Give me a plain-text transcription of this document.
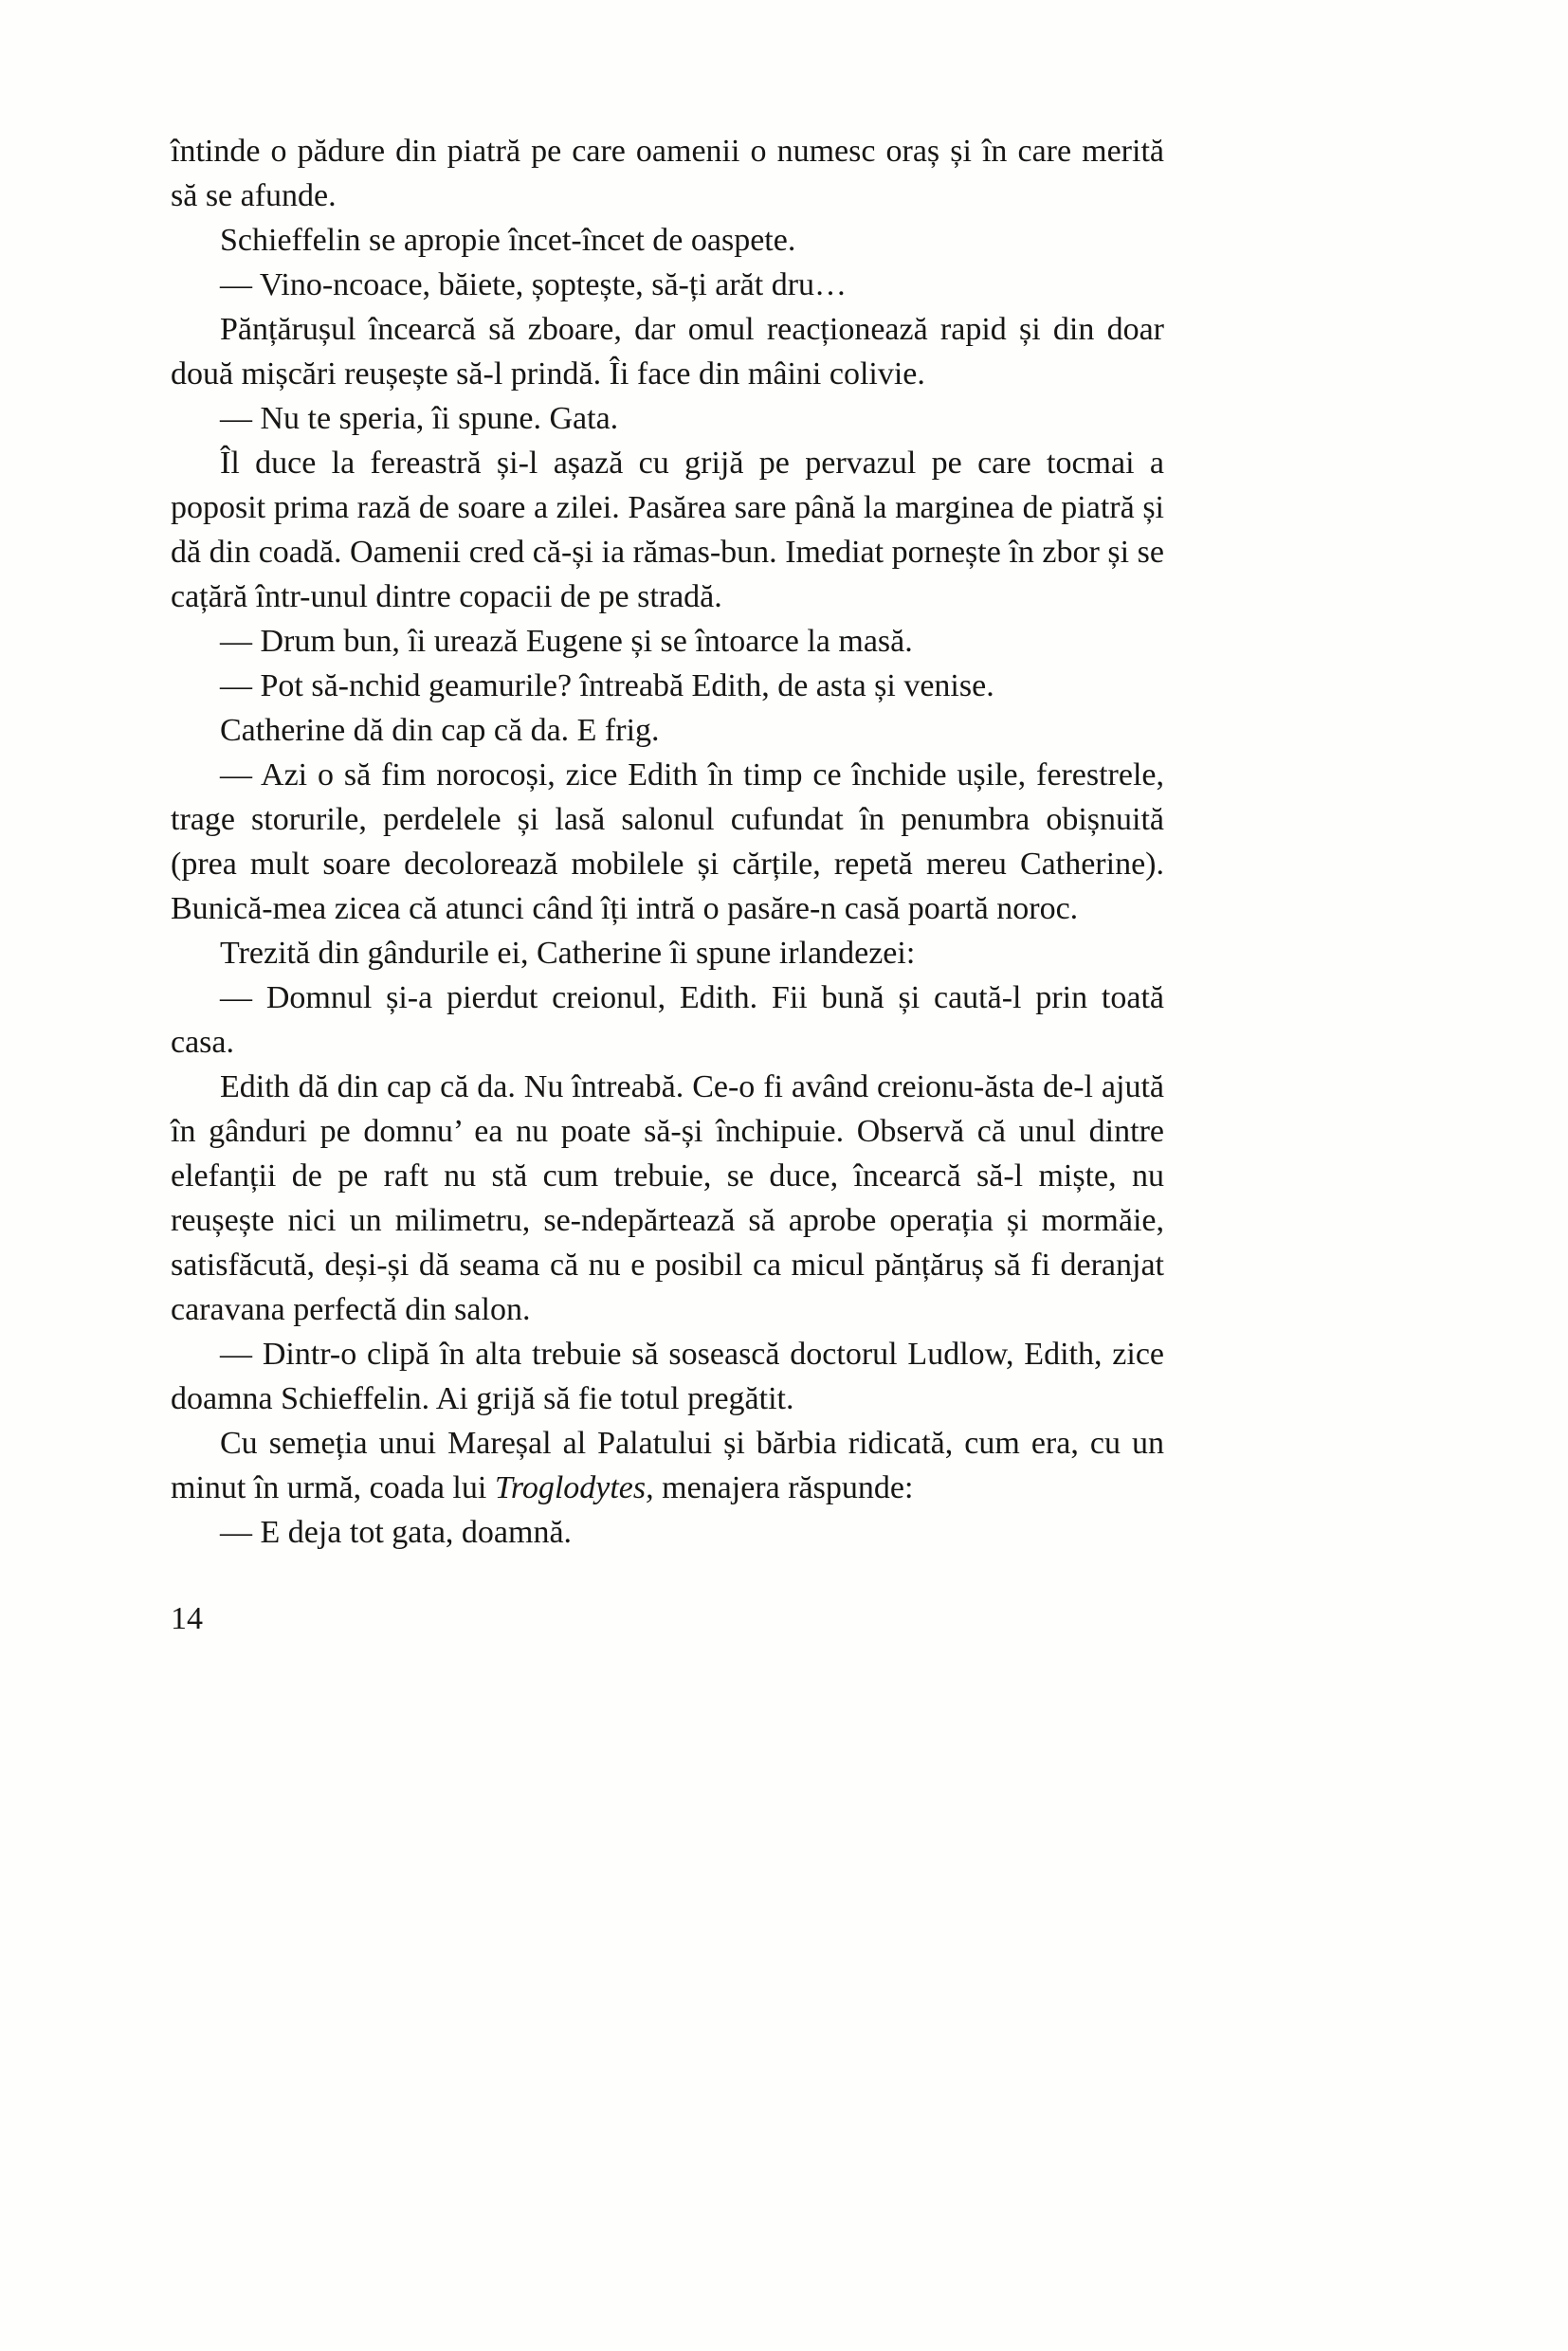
întinde o pădure din piatră pe care oamenii o numesc oraș și în care merită să se afunde.

Schieffelin se apropie încet-încet de oaspete.

— Vino-ncoace, băiete, șoptește, să-ți arăt dru…

Pănțărușul încearcă să zboare, dar omul reacționează rapid și din doar două mișcări reușește să-l prindă. Îi face din mâini colivie.

— Nu te speria, îi spune. Gata.

Îl duce la fereastră și-l așază cu grijă pe pervazul pe care tocmai a poposit prima rază de soare a zilei. Pasărea sare până la marginea de piatră și dă din coadă. Oamenii cred că-și ia rămas-bun. Imediat pornește în zbor și se cațără într-unul dintre copacii de pe stradă.

— Drum bun, îi urează Eugene și se întoarce la masă.

— Pot să-nchid geamurile? întreabă Edith, de asta și venise.

Catherine dă din cap că da. E frig.

— Azi o să fim norocoși, zice Edith în timp ce închide ușile, ferestrele, trage storurile, perdelele și lasă salonul cufundat în penumbra obișnuită (prea mult soare decolorează mobilele și cărțile, repetă mereu Catherine). Bunică-mea zicea că atunci când îți intră o pasăre-n casă poartă noroc.

Trezită din gândurile ei, Catherine îi spune irlandezei:

— Domnul și-a pierdut creionul, Edith. Fii bună și caută-l prin toată casa.

Edith dă din cap că da. Nu întreabă. Ce-o fi având creionu-ăsta de-l ajută în gânduri pe domnu’ ea nu poate să-și închipuie. Observă că unul dintre elefanții de pe raft nu stă cum trebuie, se duce, încearcă să-l miște, nu reușește nici un milimetru, se-ndepărtează să aprobe operația și mormăie, satisfăcută, deși-și dă seama că nu e posibil ca micul pănțăruș să fi deranjat caravana perfectă din salon.

— Dintr-o clipă în alta trebuie să sosească doctorul Ludlow, Edith, zice doamna Schieffelin. Ai grijă să fie totul pregătit.

Cu semeția unui Mareșal al Palatului și bărbia ridicată, cum era, cu un minut în urmă, coada lui Troglodytes, menajera răspunde:

— E deja tot gata, doamnă.

14
